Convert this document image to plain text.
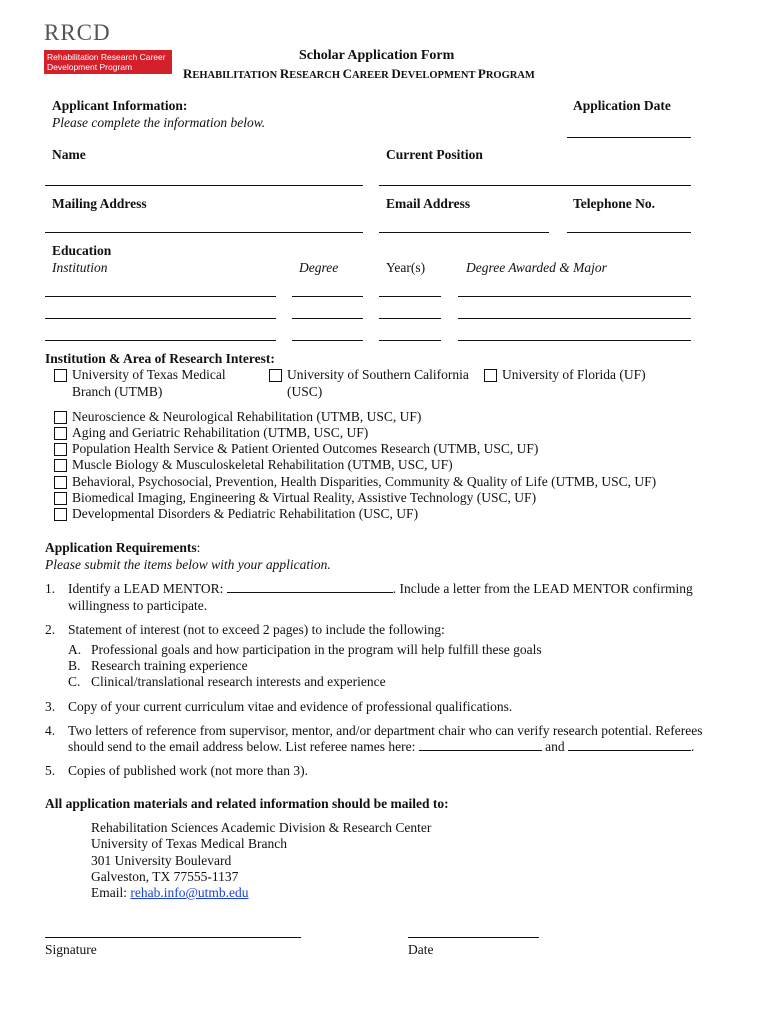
RRCD
Rehabilitation Research Career
Development Program
Scholar Application Form
REHABILITATION RESEARCH CAREER DEVELOPMENT PROGRAM
Applicant Information:
Please complete the information below.
Application Date
Name	Current Position
Mailing Address	Email Address	Telephone No.
Education
Institution	Degree	Year(s)	Degree Awarded & Major
Institution & Area of Research Interest:
University of Texas Medical
Branch (UTMB)
University of Southern California
(USC)
University of Florida (UF)
Neuroscience & Neurological Rehabilitation (UTMB, USC, UF)
Aging and Geriatric Rehabilitation (UTMB, USC, UF)
Population Health Service & Patient Oriented Outcomes Research (UTMB, USC, UF)
Muscle Biology & Musculoskeletal Rehabilitation (UTMB, USC, UF)
Behavioral, Psychosocial, Prevention, Health Disparities, Community & Quality of Life (UTMB, USC, UF)
Biomedical Imaging, Engineering & Virtual Reality, Assistive Technology (USC, UF)
Developmental Disorders & Pediatric Rehabilitation (USC, UF)
Application Requirements:
Please submit the items below with your application.
1. Identify a LEAD MENTOR:	. Include a letter from the LEAD MENTOR confirming
willingness to participate.
2. Statement of interest (not to exceed 2 pages) to include the following:
A. Professional goals and how participation in the program will help fulfill these goals
B. Research training experience
C. Clinical/translational research interests and experience
3. Copy of your current curriculum vitae and evidence of professional qualifications.
4. Two letters of reference from supervisor, mentor, and/or department chair who can verify research potential. Referees
should send to the email address below. List referee names here:	and	.
5. Copies of published work (not more than 3).
All application materials and related information should be mailed to:
Rehabilitation Sciences Academic Division & Research Center
University of Texas Medical Branch
301 University Boulevard
Galveston, TX 77555-1137
Email: rehab.info@utmb.edu
Signature	Date
